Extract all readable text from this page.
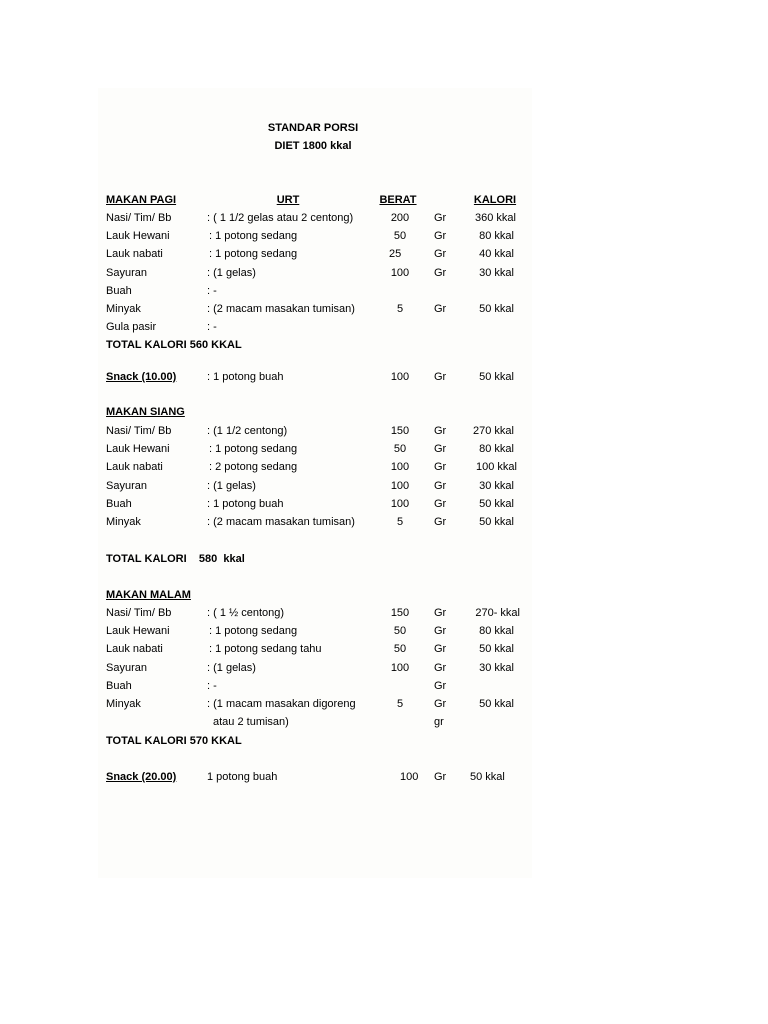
STANDAR PORSI
DIET 1800 kkal
MAKAN PAGI	URT	BERAT	KALORI
Nasi/ Tim/ Bb	: ( 1 1/2 gelas atau 2 centong)	200	Gr	360 kkal
Lauk Hewani	: 1 potong sedang	50	Gr	80 kkal
Lauk nabati	: 1 potong sedang	25	Gr	40 kkal
Sayuran	: (1 gelas)	100	Gr	30 kkal
Buah	: -
Minyak	: (2 macam masakan tumisan)	5	Gr	50 kkal
Gula pasir	: -
TOTAL KALORI 560 KKAL
Snack (10.00)	: 1 potong buah	100	Gr	50 kkal
MAKAN SIANG
Nasi/ Tim/ Bb	: (1 1/2 centong)	150	Gr	270 kkal
Lauk Hewani	: 1 potong sedang	50	Gr	80 kkal
Lauk nabati	: 2 potong sedang	100	Gr	100 kkal
Sayuran	: (1 gelas)	100	Gr	30 kkal
Buah	: 1 potong buah	100	Gr	50 kkal
Minyak	: (2 macam masakan tumisan)	5	Gr	50 kkal
TOTAL KALORI    580  kkal
MAKAN MALAM
Nasi/ Tim/ Bb	: ( 1 ½ centong)	150	Gr	270- kkal
Lauk Hewani	: 1 potong sedang	50	Gr	80 kkal
Lauk nabati	: 1 potong sedang tahu	50	Gr	50 kkal
Sayuran	: (1 gelas)	100	Gr	30 kkal
Buah	: -	Gr
Minyak	: (1 macam masakan digoreng	5	Gr	50 kkal
atau 2 tumisan)	gr
TOTAL KALORI 570 KKAL
Snack (20.00)	1 potong buah	100 Gr 50 kkal
